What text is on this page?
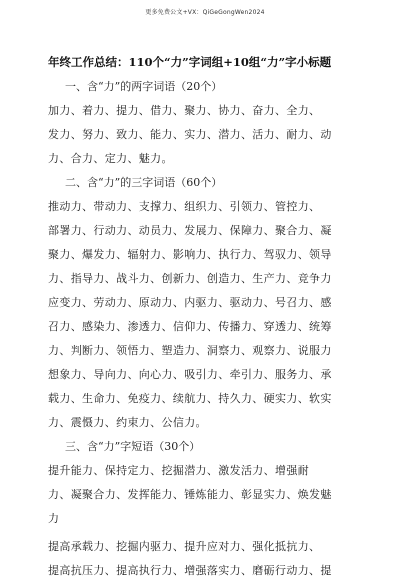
更多免费公文+VX：QiGeGongWen2024
年终工作总结：110个“力”字词组+10组“力”字小标题
一、含“力”的两字词语（20个）
加力、着力、提力、借力、聚力、协力、奋力、全力、
发力、努力、致力、能力、实力、潜力、活力、耐力、动
力、合力、定力、魅力。
二、含“力”的三字词语（60个）
推动力、带动力、支撑力、组织力、引领力、管控力、
部署力、行动力、动员力、发展力、保障力、聚合力、凝
聚力、爆发力、辐射力、影响力、执行力、驾驭力、领导
力、指导力、战斗力、创新力、创造力、生产力、竞争力
应变力、劳动力、原动力、内驱力、驱动力、号召力、感
召力、感染力、渗透力、信仰力、传播力、穿透力、统筹
力、判断力、领悟力、塑造力、洞察力、观察力、说服力
想象力、导向力、向心力、吸引力、牵引力、服务力、承
载力、生命力、免疫力、续航力、持久力、硬实力、软实
力、震慑力、约束力、公信力。
三、含“力”字短语（30个）
提升能力、保持定力、挖掘潜力、激发活力、增强耐
力、凝聚合力、发挥能力、锤炼能力、彰显实力、焕发魅
力
提高承载力、挖掘内驱力、提升应对力、强化抵抗力、
提高抗压力、提高执行力、增强落实力、磨砺行动力、提
